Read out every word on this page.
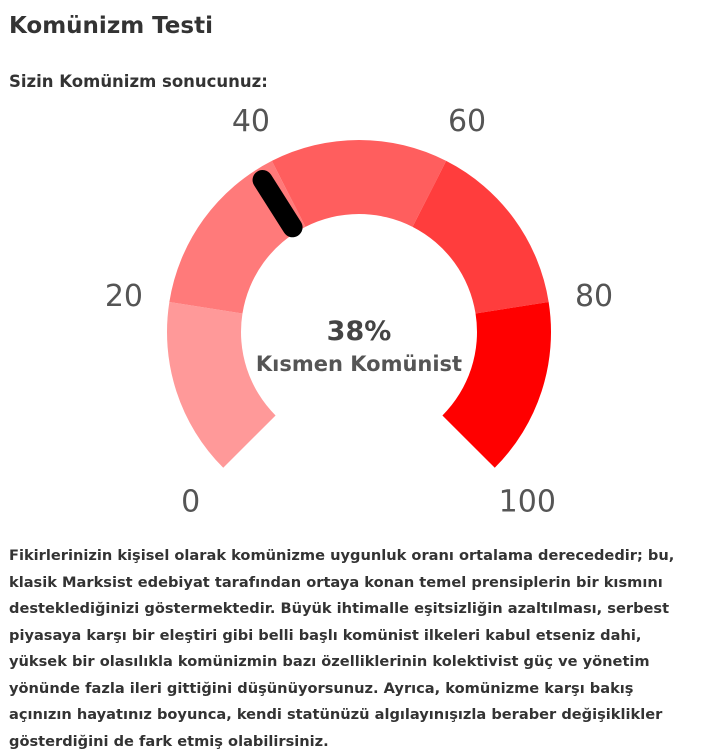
Komünizm Testi
Sizin Komünizm sonucunuz:
0
20
40	60
80
100
38%
Kısmen Komünist

Fikirlerinizin kişisel olarak komünizme uygunluk oranı ortalama derecededir; bu, klasik Marksist edebiyat tarafından ortaya konan temel prensiplerin bir kısmını desteklediğinizi göstermektedir. Büyük ihtimalle eşitsizliğin azaltılması, serbest piyasaya karşı bir eleştiri gibi belli başlı komünist ilkeleri kabul etseniz dahi, yüksek bir olasılıkla komünizmin bazı özelliklerinin kolektivist güç ve yönetim yönünde fazla ileri gittiğini düşünüyorsunuz. Ayrıca, komünizme karşı bakış açınızın hayatınız boyunca, kendi statünüzü algılayınışızla beraber değişiklikler gösterdiğini de fark etmiş olabilirsiniz.
